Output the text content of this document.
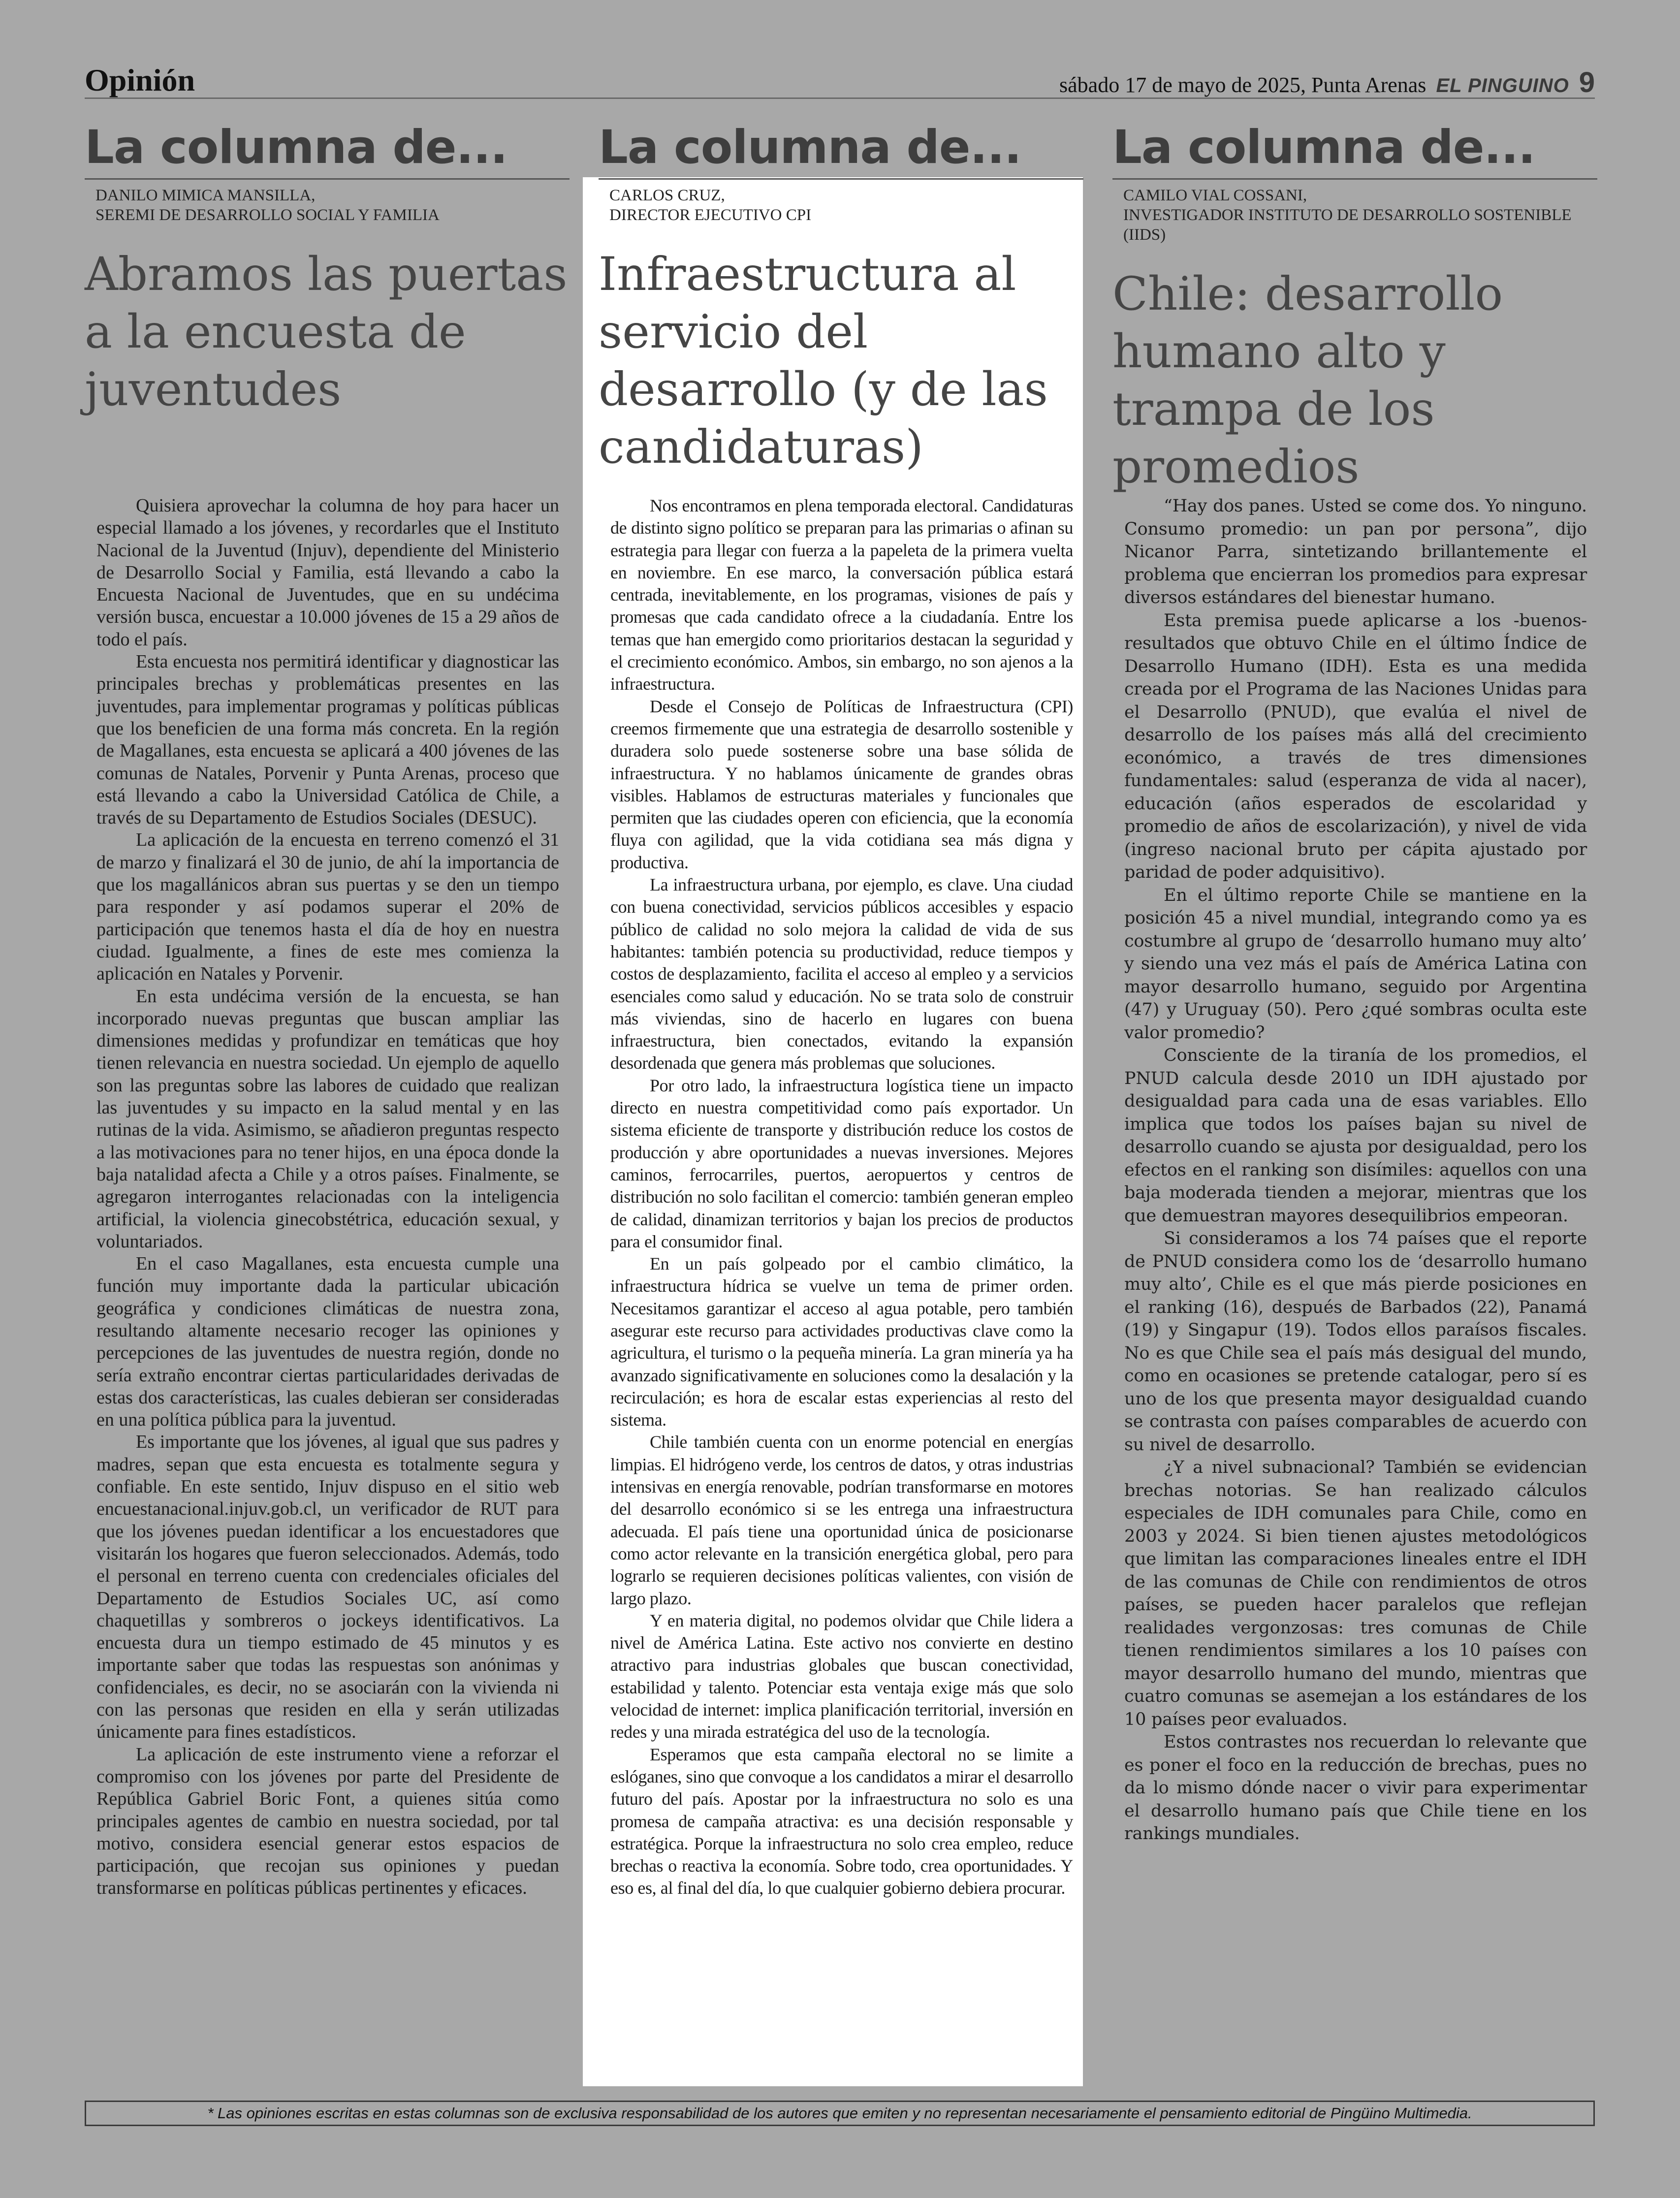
Opinión	sábado 17 de mayo de 2025, Punta Arenas EL PINGUINO 9
La columna de...
DANILO MIMICA MANSILLA,
SEREMI DE DESARROLLO SOCIAL Y FAMILIA
Abramos las puertas a la encuesta de juventudes

Quisiera aprovechar la columna de hoy para hacer un especial llamado a los jóvenes, y recordarles que el Instituto Nacional de la Juventud (Injuv), dependiente del Ministerio de Desarrollo Social y Familia, está llevando a cabo la Encuesta Nacional de Juventudes, que en su undécima versión busca, encuestar a 10.000 jóvenes de 15 a 29 años de todo el país.

Esta encuesta nos permitirá identificar y diagnosticar las principales brechas y problemáticas presentes en las juventudes, para implementar programas y políticas públicas que los beneficien de una forma más concreta. En la región de Magallanes, esta encuesta se aplicará a 400 jóvenes de las comunas de Natales, Porvenir y Punta Arenas, proceso que está llevando a cabo la Universidad Católica de Chile, a través de su Departamento de Estudios Sociales (DESUC).

La aplicación de la encuesta en terreno comenzó el 31 de marzo y finalizará el 30 de junio, de ahí la importancia de que los magallánicos abran sus puertas y se den un tiempo para responder y así podamos superar el 20% de participación que tenemos hasta el día de hoy en nuestra ciudad. Igualmente, a fines de este mes comienza la aplicación en Natales y Porvenir.

En esta undécima versión de la encuesta, se han incorporado nuevas preguntas que buscan ampliar las dimensiones medidas y profundizar en temáticas que hoy tienen relevancia en nuestra sociedad. Un ejemplo de aquello son las preguntas sobre las labores de cuidado que realizan las juventudes y su impacto en la salud mental y en las rutinas de la vida. Asimismo, se añadieron preguntas respecto a las motivaciones para no tener hijos, en una época donde la baja natalidad afecta a Chile y a otros países. Finalmente, se agregaron interrogantes relacionadas con la inteligencia artificial, la violencia ginecobstétrica, educación sexual, y voluntariados.

En el caso Magallanes, esta encuesta cumple una función muy importante dada la particular ubicación geográfica y condiciones climáticas de nuestra zona, resultando altamente necesario recoger las opiniones y percepciones de las juventudes de nuestra región, donde no sería extraño encontrar ciertas particularidades derivadas de estas dos características, las cuales debieran ser consideradas en una política pública para la juventud.

Es importante que los jóvenes, al igual que sus padres y madres, sepan que esta encuesta es totalmente segura y confiable. En este sentido, Injuv dispuso en el sitio web encuestanacional.injuv.gob.cl, un verificador de RUT para que los jóvenes puedan identificar a los encuestadores que visitarán los hogares que fueron seleccionados. Además, todo el personal en terreno cuenta con credenciales oficiales del Departamento de Estudios Sociales UC, así como chaquetillas y sombreros o jockeys identificativos. La encuesta dura un tiempo estimado de 45 minutos y es importante saber que todas las respuestas son anónimas y confidenciales, es decir, no se asociarán con la vivienda ni con las personas que residen en ella y serán utilizadas únicamente para fines estadísticos.

La aplicación de este instrumento viene a reforzar el compromiso con los jóvenes por parte del Presidente de República Gabriel Boric Font, a quienes sitúa como principales agentes de cambio en nuestra sociedad, por tal motivo, considera esencial generar estos espacios de participación, que recojan sus opiniones y puedan transformarse en políticas públicas pertinentes y eficaces.

La columna de...
CARLOS CRUZ,
DIRECTOR EJECUTIVO CPI
Infraestructura al servicio del desarrollo (y de las candidaturas)

Nos encontramos en plena temporada electoral. Candidaturas de distinto signo político se preparan para las primarias o afinan su estrategia para llegar con fuerza a la papeleta de la primera vuelta en noviembre. En ese marco, la conversación pública estará centrada, inevitablemente, en los programas, visiones de país y promesas que cada candidato ofrece a la ciudadanía. Entre los temas que han emergido como prioritarios destacan la seguridad y el crecimiento económico. Ambos, sin embargo, no son ajenos a la infraestructura.

Desde el Consejo de Políticas de Infraestructura (CPI) creemos firmemente que una estrategia de desarrollo sostenible y duradera solo puede sostenerse sobre una base sólida de infraestructura. Y no hablamos únicamente de grandes obras visibles. Hablamos de estructuras materiales y funcionales que permiten que las ciudades operen con eficiencia, que la economía fluya con agilidad, que la vida cotidiana sea más digna y productiva.

La infraestructura urbana, por ejemplo, es clave. Una ciudad con buena conectividad, servicios públicos accesibles y espacio público de calidad no solo mejora la calidad de vida de sus habitantes: también potencia su productividad, reduce tiempos y costos de desplazamiento, facilita el acceso al empleo y a servicios esenciales como salud y educación. No se trata solo de construir más viviendas, sino de hacerlo en lugares con buena infraestructura, bien conectados, evitando la expansión desordenada que genera más problemas que soluciones.

Por otro lado, la infraestructura logística tiene un impacto directo en nuestra competitividad como país exportador. Un sistema eficiente de transporte y distribución reduce los costos de producción y abre oportunidades a nuevas inversiones. Mejores caminos, ferrocarriles, puertos, aeropuertos y centros de distribución no solo facilitan el comercio: también generan empleo de calidad, dinamizan territorios y bajan los precios de productos para el consumidor final.

En un país golpeado por el cambio climático, la infraestructura hídrica se vuelve un tema de primer orden. Necesitamos garantizar el acceso al agua potable, pero también asegurar este recurso para actividades productivas clave como la agricultura, el turismo o la pequeña minería. La gran minería ya ha avanzado significativamente en soluciones como la desalación y la recirculación; es hora de escalar estas experiencias al resto del sistema.

Chile también cuenta con un enorme potencial en energías limpias. El hidrógeno verde, los centros de datos, y otras industrias intensivas en energía renovable, podrían transformarse en motores del desarrollo económico si se les entrega una infraestructura adecuada. El país tiene una oportunidad única de posicionarse como actor relevante en la transición energética global, pero para lograrlo se requieren decisiones políticas valientes, con visión de largo plazo.

Y en materia digital, no podemos olvidar que Chile lidera a nivel de América Latina. Este activo nos convierte en destino atractivo para industrias globales que buscan conectividad, estabilidad y talento. Potenciar esta ventaja exige más que solo velocidad de internet: implica planificación territorial, inversión en redes y una mirada estratégica del uso de la tecnología.

Esperamos que esta campaña electoral no se limite a eslóganes, sino que convoque a los candidatos a mirar el desarrollo futuro del país. Apostar por la infraestructura no solo es una promesa de campaña atractiva: es una decisión responsable y estratégica. Porque la infraestructura no solo crea empleo, reduce brechas o reactiva la economía. Sobre todo, crea oportunidades. Y eso es, al final del día, lo que cualquier gobierno debiera procurar.

La columna de...
CAMILO VIAL COSSANI,
INVESTIGADOR INSTITUTO DE DESARROLLO SOSTENIBLE (IIDS)
Chile: desarrollo humano alto y trampa de los promedios

“Hay dos panes. Usted se come dos. Yo ninguno. Consumo promedio: un pan por persona”, dijo Nicanor Parra, sintetizando brillantemente el problema que encierran los promedios para expresar diversos estándares del bienestar humano.

Esta premisa puede aplicarse a los -buenos- resultados que obtuvo Chile en el último Índice de Desarrollo Humano (IDH). Esta es una medida creada por el Programa de las Naciones Unidas para el Desarrollo (PNUD), que evalúa el nivel de desarrollo de los países más allá del crecimiento económico, a través de tres dimensiones fundamentales: salud (esperanza de vida al nacer), educación (años esperados de escolaridad y promedio de años de escolarización), y nivel de vida (ingreso nacional bruto per cápita ajustado por paridad de poder adquisitivo).

En el último reporte Chile se mantiene en la posición 45 a nivel mundial, integrando como ya es costumbre al grupo de ‘desarrollo humano muy alto’ y siendo una vez más el país de América Latina con mayor desarrollo humano, seguido por Argentina (47) y Uruguay (50). Pero ¿qué sombras oculta este valor promedio?

Consciente de la tiranía de los promedios, el PNUD calcula desde 2010 un IDH ajustado por desigualdad para cada una de esas variables. Ello implica que todos los países bajan su nivel de desarrollo cuando se ajusta por desigualdad, pero los efectos en el ranking son disímiles: aquellos con una baja moderada tienden a mejorar, mientras que los que demuestran mayores desequilibrios empeoran.

Si consideramos a los 74 países que el reporte de PNUD considera como los de ‘desarrollo humano muy alto’, Chile es el que más pierde posiciones en el ranking (16), después de Barbados (22), Panamá (19) y Singapur (19). Todos ellos paraísos fiscales. No es que Chile sea el país más desigual del mundo, como en ocasiones se pretende catalogar, pero sí es uno de los que presenta mayor desigualdad cuando se contrasta con países comparables de acuerdo con su nivel de desarrollo.

¿Y a nivel subnacional? También se evidencian brechas notorias. Se han realizado cálculos especiales de IDH comunales para Chile, como en 2003 y 2024. Si bien tienen ajustes metodológicos que limitan las comparaciones lineales entre el IDH de las comunas de Chile con rendimientos de otros países, se pueden hacer paralelos que reflejan realidades vergonzosas: tres comunas de Chile tienen rendimientos similares a los 10 países con mayor desarrollo humano del mundo, mientras que cuatro comunas se asemejan a los estándares de los 10 países peor evaluados.

Estos contrastes nos recuerdan lo relevante que es poner el foco en la reducción de brechas, pues no da lo mismo dónde nacer o vivir para experimentar el desarrollo humano país que Chile tiene en los rankings mundiales.

* Las opiniones escritas en estas columnas son de exclusiva responsabilidad de los autores que emiten y no representan necesariamente el pensamiento editorial de Pingüino Multimedia.
